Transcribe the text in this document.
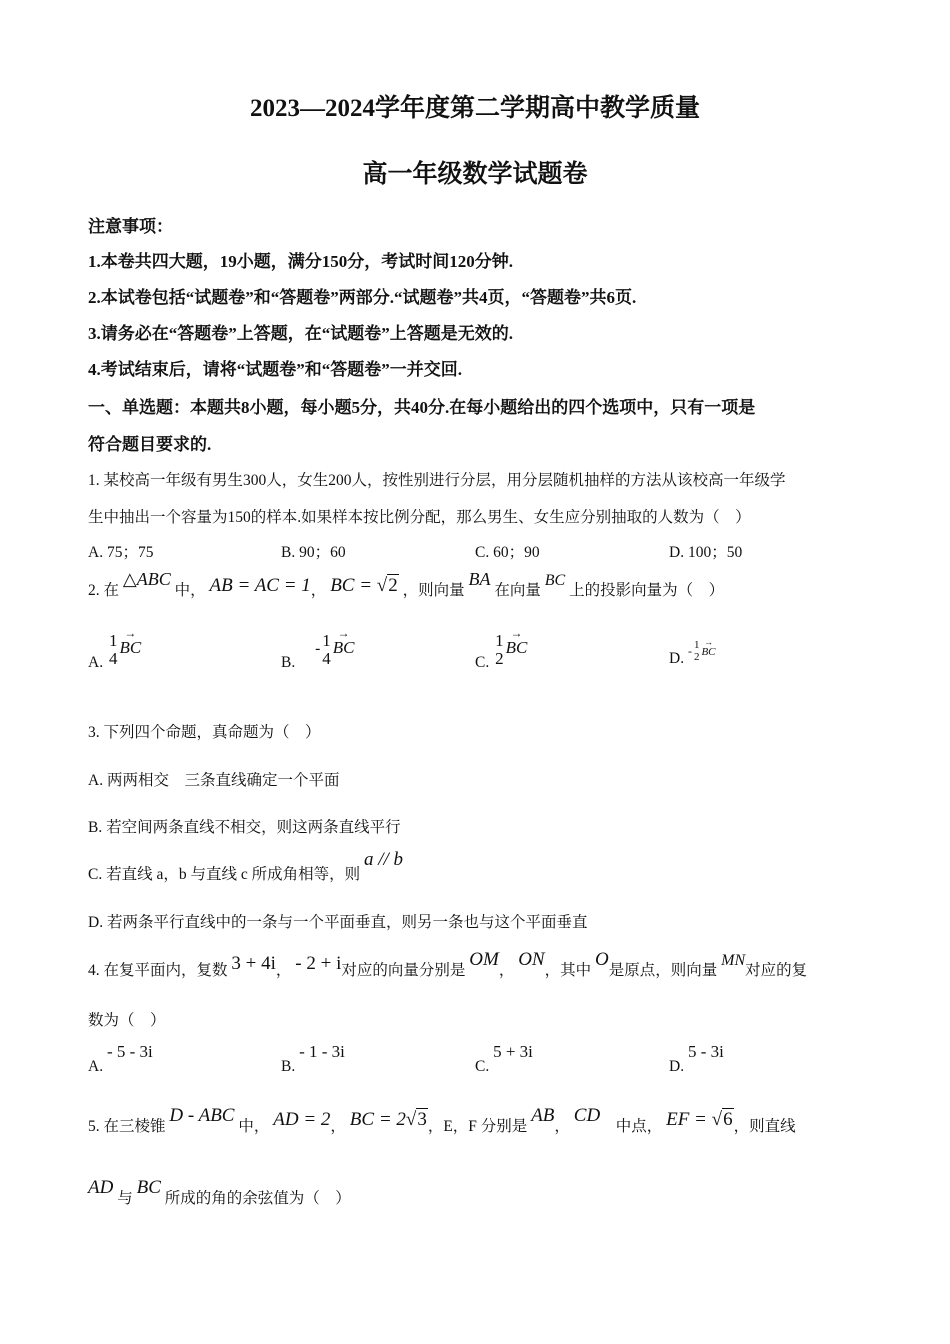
2023—2024学年度第二学期高中教学质量
高一年级数学试题卷
注意事项：
1.本卷共四大题，19小题，满分150分，考试时间120分钟.
2.本试卷包括“试题卷”和“答题卷”两部分.“试题卷”共4页，“答题卷”共6页.
3.请务必在“答题卷”上答题，在“试题卷”上答题是无效的.
4.考试结束后，请将“试题卷”和“答题卷”一并交回.
一、单选题：本题共8小题，每小题5分，共40分.在每小题给出的四个选项中，只有一项是
符合题目要求的.
1. 某校高一年级有男生300人，女生200人，按性别进行分层，用分层随机抽样的方法从该校高一年级学
生中抽出一个容量为150的样本.如果样本按比例分配，那么男生、女生应分别抽取的人数为（　）
A. 75；75	B. 90；60	C. 60；90	D. 100；50
2. 在 △ABC 中， AB = AC = 1， BC = √2 ，则向量 BA 在向量 BC 上的投影向量为（　）
A.
1
4
→
BC
B. - 1
4
→
BC
C.
1
2
→
BC
D. - 1
2
→
BC
3. 下列四个命题，真命题为（　）
A. 两两相交　三条直线确定一个平面
B. 若空间两条直线不相交，则这两条直线平行
C. 若直线 a，b 与直线 c 所成角相等，则 a // b
D. 若两条平行直线中的一条与一个平面垂直，则另一条也与这个平面垂直
4. 在复平面内，复数 3 + 4i， - 2 + i对应的向量分别是 OM， ON，其中 O是原点，则向量 MN对应的复
数为（　）
A. - 5 - 3i
B. - 1 - 3i
C. 5 + 3i
D. 5 - 3i
5. 在三棱锥 D - ABC 中， AD = 2， BC = 2√3，E，F 分别是 AB， CD　中点， EF = √6，则直线
AD 与 BC 所成的角的余弦值为（　）
